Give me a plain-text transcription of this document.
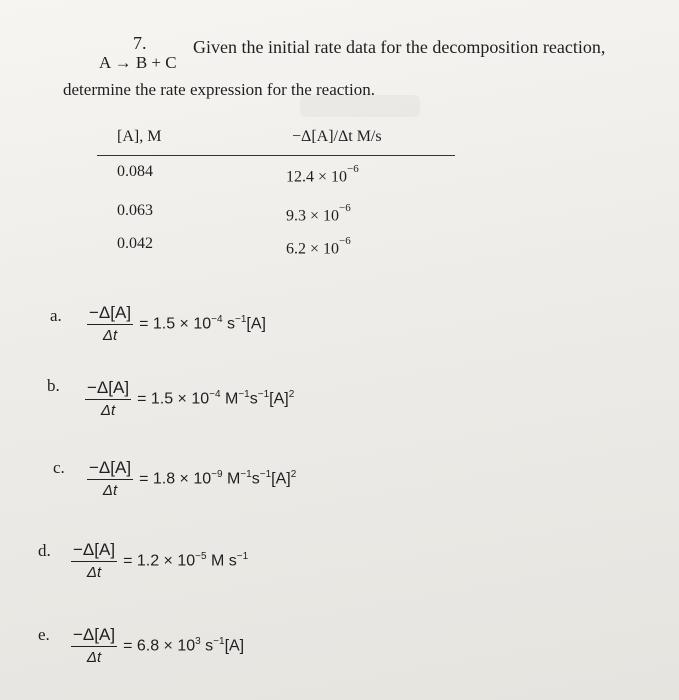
7.	Given the initial rate data for the decomposition reaction,
A → B + C
determine the rate expression for the reaction.
[A], M	−Δ[A]/Δt M/s
0.084	$12.4 \times 10^{-6}$
0.063	$9.3 \times 10^{-6}$
0.042	$6.2 \times 10^{-6}$
a. $\frac{-\Delta[A]}{\Delta t} = 1.5 \times 10^{-4}$ $s^{-1}[A]$
b. $\frac{-\Delta[A]}{\Delta t} = 1.5 \times 10^{-4}$ $M^{-1}s^{-1}[A]^2$
c. $\frac{-\Delta[A]}{\Delta t} = 1.8 \times 10^{-9}$ $M^{-1}s^{-1}[A]^2$
d. $\frac{-\Delta[A]}{\Delta t} = 1.2 \times 10^{-5}$ M $s^{-1}$
e. $\frac{-\Delta[A]}{\Delta t} = 6.8 \times 10^3$ $s^{-1}[A]$
